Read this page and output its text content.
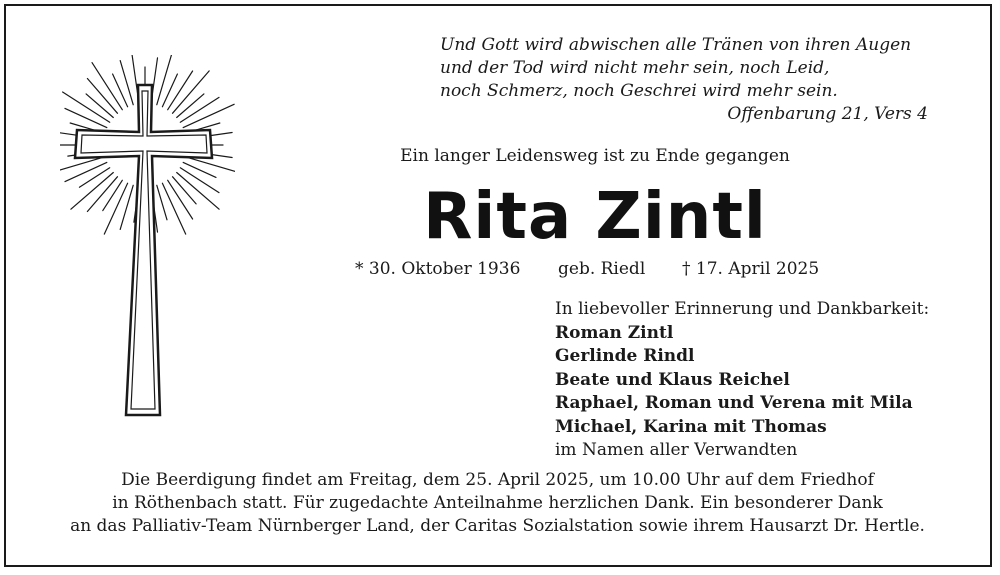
Und Gott wird abwischen alle Tränen von ihren Augen
und der Tod wird nicht mehr sein, noch Leid,
noch Schmerz, noch Geschrei wird mehr sein.
Offenbarung 21, Vers 4
Ein langer Leidensweg ist zu Ende gegangen
Rita Zintl
* 30. Oktober 1936 geb. Riedl † 17. April 2025
In liebevoller Erinnerung und Dankbarkeit:
Roman Zintl
Gerlinde Rindl
Beate und Klaus Reichel
Raphael, Roman und Verena mit Mila
Michael, Karina mit Thomas
im Namen aller Verwandten
Die Beerdigung findet am Freitag, dem 25. April 2025, um 10.00 Uhr auf dem Friedhof
in Röthenbach statt. Für zugedachte Anteilnahme herzlichen Dank. Ein besonderer Dank
an das Palliativ-Team Nürnberger Land, der Caritas Sozialstation sowie ihrem Hausarzt Dr. Hertle.
